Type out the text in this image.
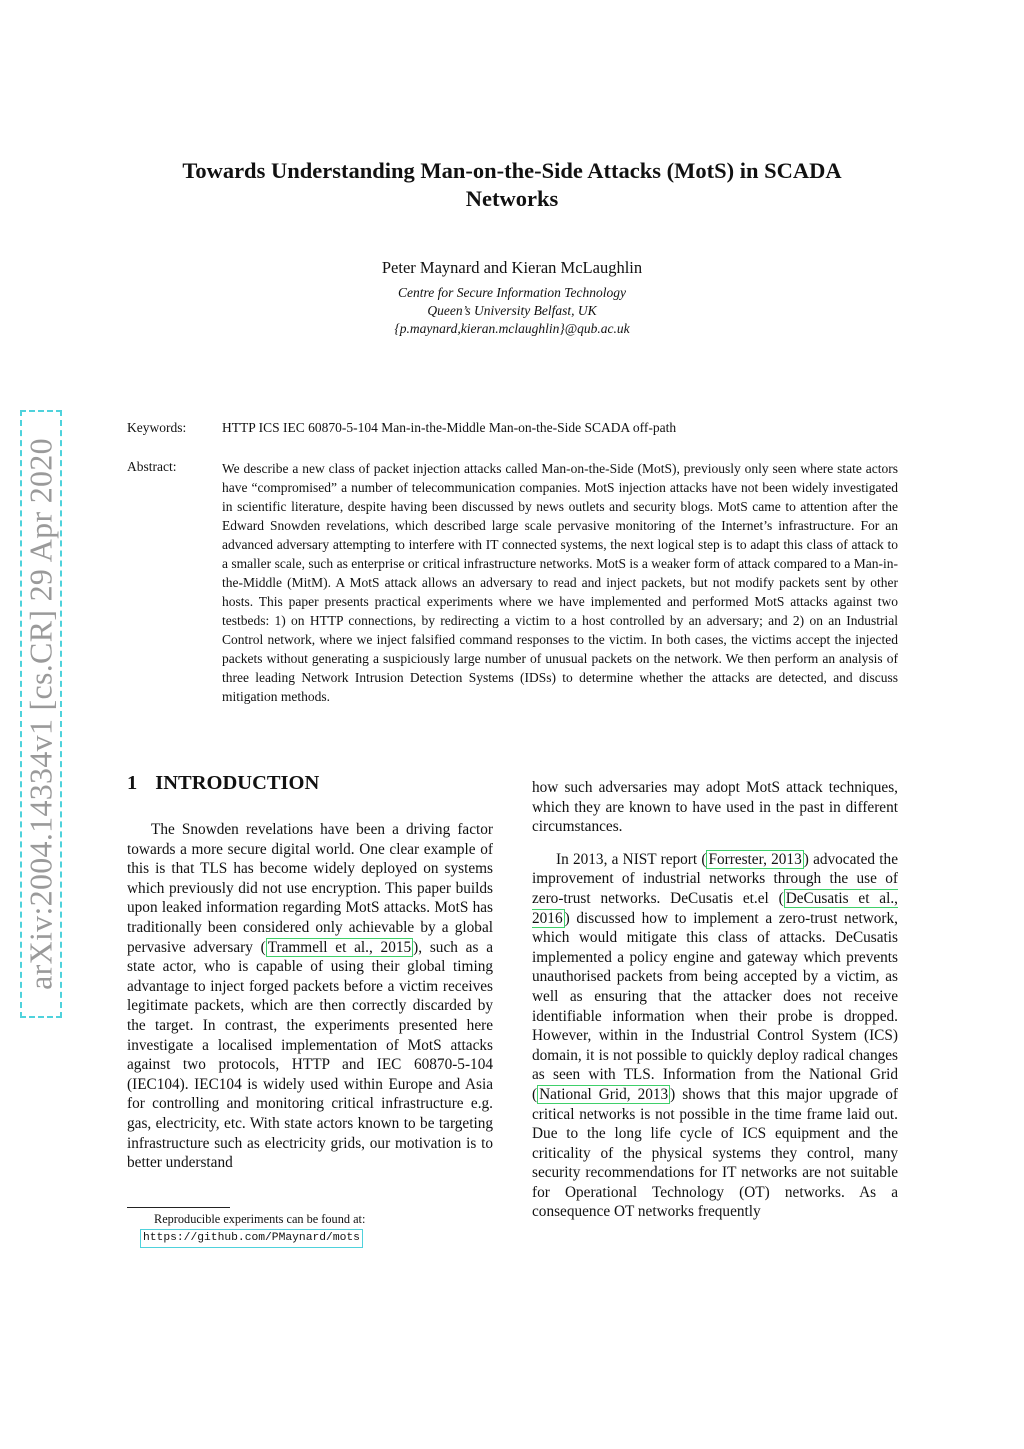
Towards Understanding Man-on-the-Side Attacks (MotS) in SCADA
Networks
Peter Maynard and Kieran McLaughlin
Centre for Secure Information Technology
Queen’s University Belfast, UK
{p.maynard,kieran.mclaughlin}@qub.ac.uk
arXiv:2004.14334v1 [cs.CR] 29 Apr 2020
Keywords:	HTTP ICS IEC 60870-5-104 Man-in-the-Middle Man-on-the-Side SCADA off-path
Abstract:	We describe a new class of packet injection attacks called Man-on-the-Side (MotS), previously only seen where state actors have “compromised” a number of telecommunication companies. MotS injection attacks have not been widely investigated in scientific literature, despite having been discussed by news outlets and security blogs. MotS came to attention after the Edward Snowden revelations, which described large scale pervasive monitoring of the Internet’s infrastructure. For an advanced adversary attempting to interfere with IT connected systems, the next logical step is to adapt this class of attack to a smaller scale, such as enterprise or critical infrastructure networks. MotS is a weaker form of attack compared to a Man-in-the-Middle (MitM). A MotS attack allows an adversary to read and inject packets, but not modify packets sent by other hosts. This paper presents practical experiments where we have implemented and performed MotS attacks against two testbeds: 1) on HTTP connections, by redirecting a victim to a host controlled by an adversary; and 2) on an Industrial Control network, where we inject falsified command responses to the victim. In both cases, the victims accept the injected packets without generating a suspiciously large number of unusual packets on the network. We then perform an analysis of three leading Network Intrusion Detection Systems (IDSs) to determine whether the attacks are detected, and discuss mitigation methods.

1 INTRODUCTION

The Snowden revelations have been a driving factor towards a more secure digital world. One clear example of this is that TLS has become widely deployed on systems which previously did not use encryption. This paper builds upon leaked information regarding MotS attacks. MotS has traditionally been considered only achievable by a global pervasive adversary ( Trammell et al., 2015 ), such as a state actor, who is capable of using their global timing advantage to inject forged packets before a victim receives legitimate packets, which are then correctly discarded by the target. In contrast, the experiments presented here investigate a localised implementation of MotS attacks against two protocols, HTTP and IEC 60870-5-104 (IEC104). IEC104 is widely used within Europe and Asia for controlling and monitoring critical infrastructure e.g. gas, electricity, etc. With state actors known to be targeting infrastructure such as electricity grids, our motivation is to better understand

how such adversaries may adopt MotS attack techniques, which they are known to have used in the past in different circumstances.

In 2013, a NIST report ( Forrester, 2013 ) advocated the improvement of industrial networks through the use of zero-trust networks. DeCusatis et.el ( DeCusatis et al., 2016 ) discussed how to implement a zero-trust network, which would mitigate this class of attacks. DeCusatis implemented a policy engine and gateway which prevents unauthorised packets from being accepted by a victim, as well as ensuring that the attacker does not receive identifiable information when their probe is dropped. However, within in the Industrial Control System (ICS) domain, it is not possible to quickly deploy radical changes as seen with TLS. Information from the National Grid ( National Grid, 2013 ) shows that this major upgrade of critical networks is not possible in the time frame laid out. Due to the long life cycle of ICS equipment and the criticality of the physical systems they control, many security recommendations for IT networks are not suitable for Operational Technology (OT) networks. As a consequence OT networks frequently

Reproducible experiments can be found at:
https://github.com/PMaynard/mots
